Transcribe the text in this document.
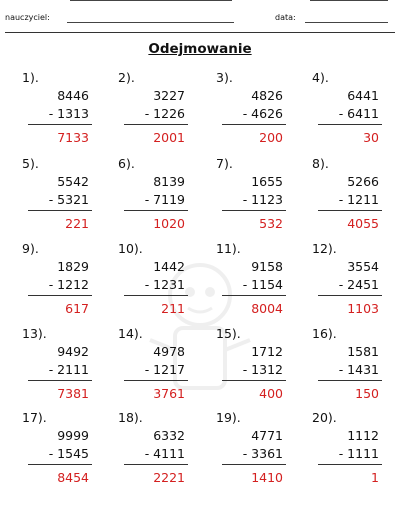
nauczyciel:	data:
Odejmowanie
1).
8446
- 1313
7133
2).
3227
- 1226
2001
3).
4826
- 4626
200
4).
6441
- 6411
30
5).
5542
- 5321
221
6).
8139
- 7119
1020
7).
1655
- 1123
532
8).
5266
- 1211
4055
9).
1829
- 1212
617
10).
1442
- 1231
211
11).
9158
- 1154
8004
12).
3554
- 2451
1103
13).
9492
- 2111
7381
14).
4978
- 1217
3761
15).
1712
- 1312
400
16).
1581
- 1431
150
17).
9999
- 1545
8454
18).
6332
- 4111
2221
19).
4771
- 3361
1410
20).
1112
- 1111
1
